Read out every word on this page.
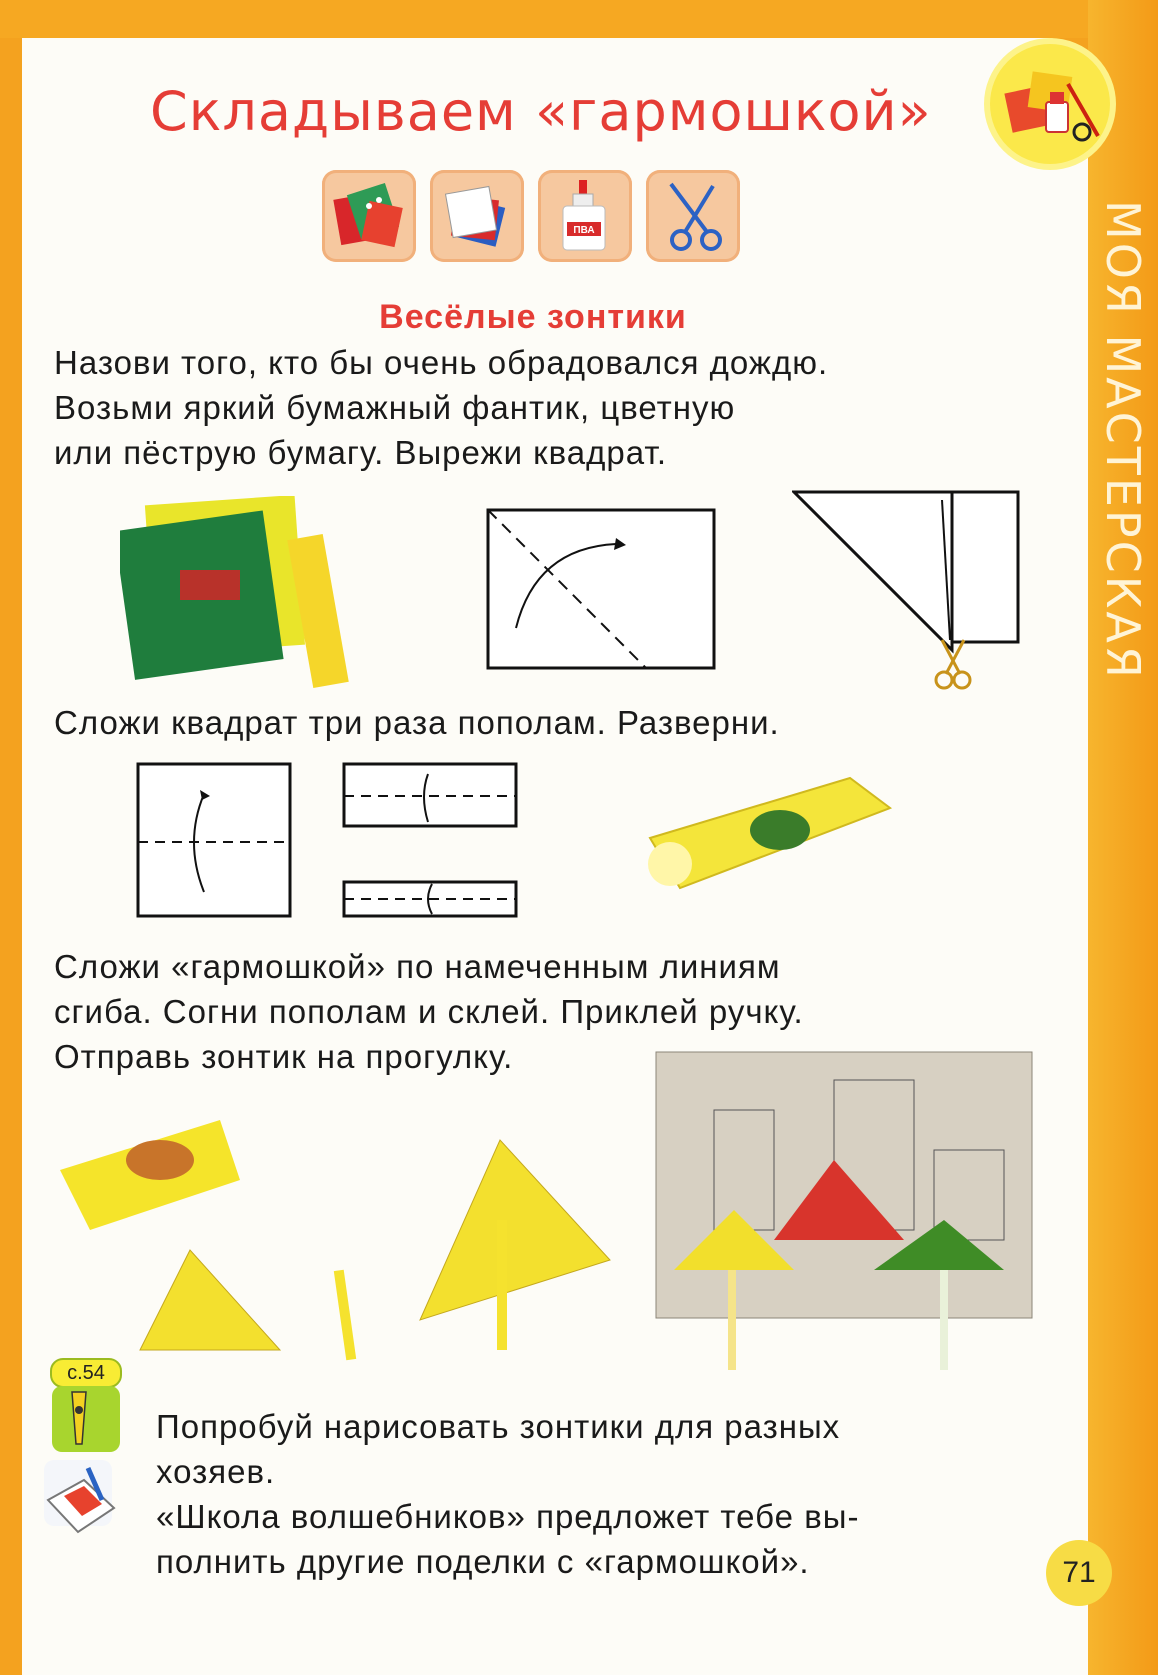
МОЯ МАСТЕРСКАЯ
Складываем «гармошкой»
ПВА
Весёлые зонтики
Назови того, кто бы очень обрадовался дождю.
Возьми яркий бумажный фантик, цветную
или пёструю бумагу. Вырежи квадрат.
Сложи квадрат три раза пополам. Разверни.
Сложи «гармошкой» по намеченным линиям
сгиба. Согни пополам и склей. Приклей ручку.
Отправь зонтик на прогулку.
с.54
Попробуй нарисовать зонтики для разных
хозяев.
«Школа волшебников» предложет тебе вы-
полнить другие поделки с «гармошкой».	71
